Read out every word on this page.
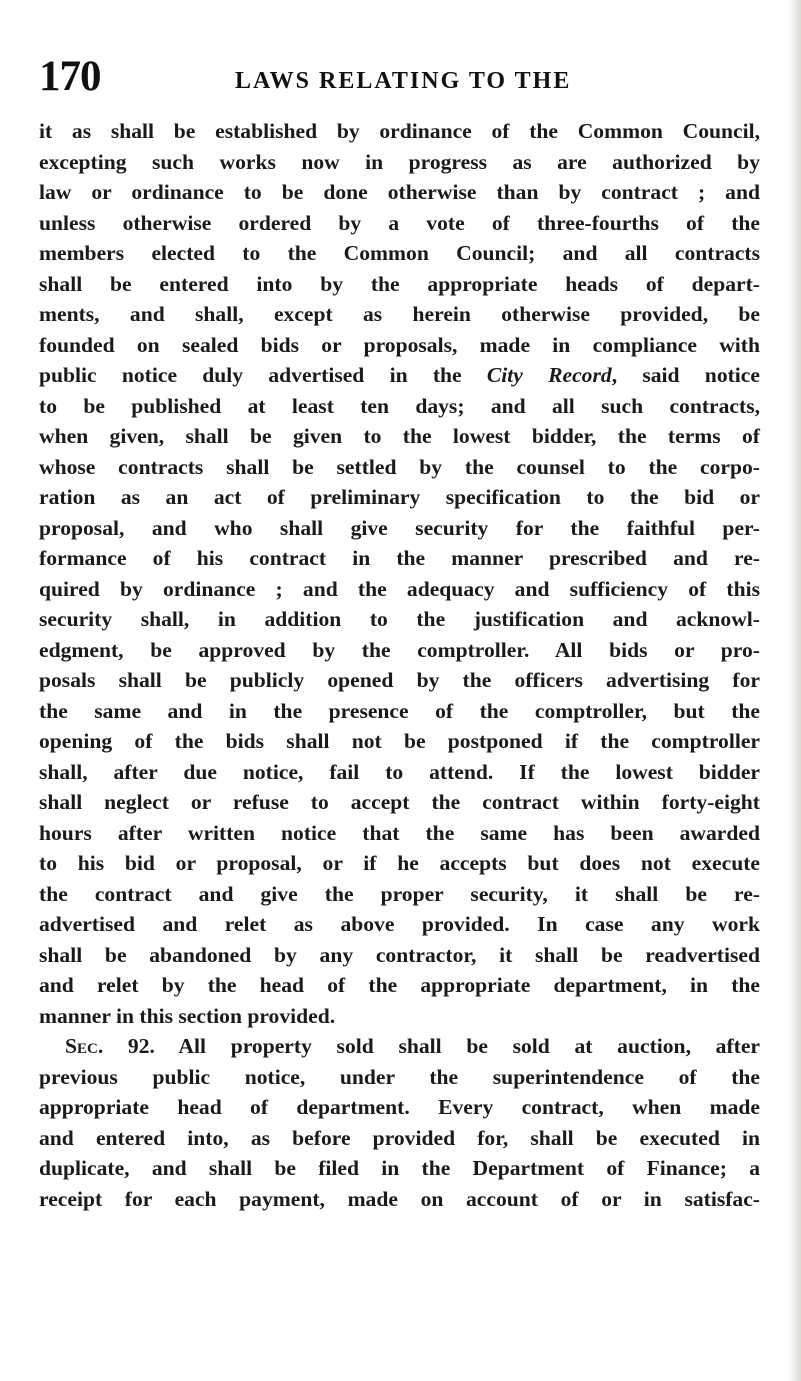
170	LAWS RELATING TO THE
it as shall be established by ordinance of the Common Council,
excepting such works now in progress as are authorized by
law or ordinance to be done otherwise than by contract ; and
unless otherwise ordered by a vote of three-fourths of the
members elected to the Common Council; and all contracts
shall be entered into by the appropriate heads of depart-
ments, and shall, except as herein otherwise provided, be
founded on sealed bids or proposals, made in compliance with
public notice duly advertised in the City Record, said notice
to be published at least ten days; and all such contracts,
when given, shall be given to the lowest bidder, the terms of
whose contracts shall be settled by the counsel to the corpo-
ration as an act of preliminary specification to the bid or
proposal, and who shall give security for the faithful per-
formance of his contract in the manner prescribed and re-
quired by ordinance ; and the adequacy and sufficiency of this
security shall, in addition to the justification and acknowl-
edgment, be approved by the comptroller. All bids or pro-
posals shall be publicly opened by the officers advertising for
the same and in the presence of the comptroller, but the
opening of the bids shall not be postponed if the comptroller
shall, after due notice, fail to attend. If the lowest bidder
shall neglect or refuse to accept the contract within forty-eight
hours after written notice that the same has been awarded
to his bid or proposal, or if he accepts but does not execute
the contract and give the proper security, it shall be re-
advertised and relet as above provided. In case any work
shall be abandoned by any contractor, it shall be readvertised
and relet by the head of the appropriate department, in the
manner in this section provided.
Sec. 92. All property sold shall be sold at auction, after
previous public notice, under the superintendence of the
appropriate head of department. Every contract, when made
and entered into, as before provided for, shall be executed in
duplicate, and shall be filed in the Department of Finance; a
receipt for each payment, made on account of or in satisfac-
